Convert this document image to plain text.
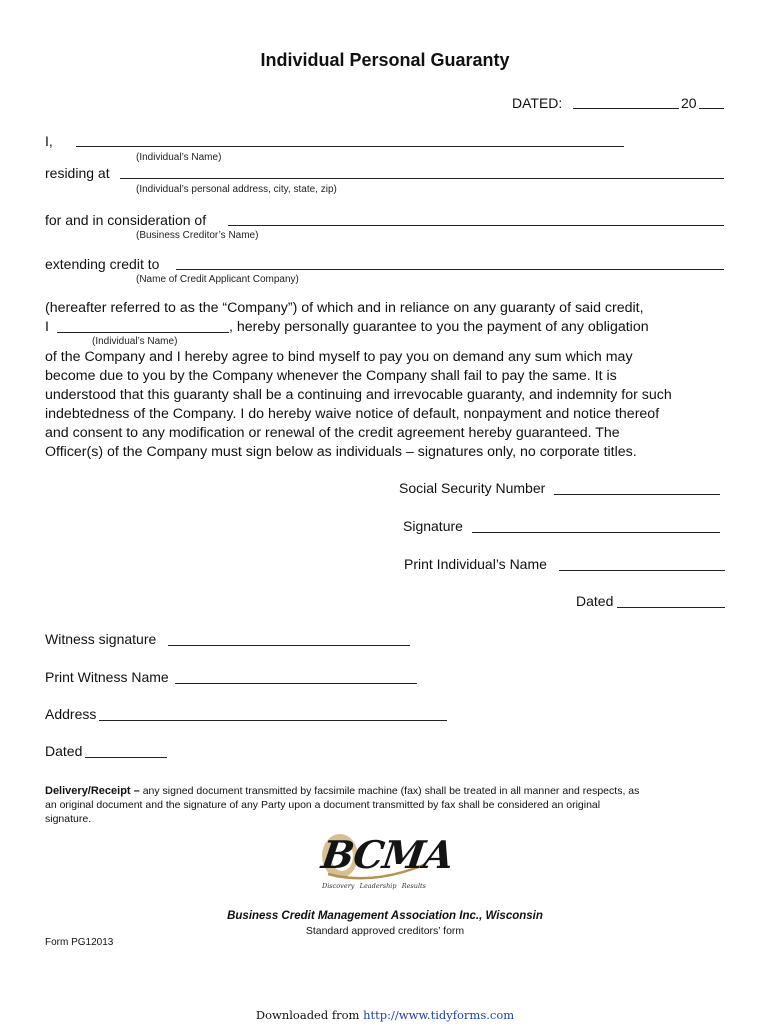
Individual Personal Guaranty
DATED:	20
I,
(Individual’s Name)
residing at
(Individual’s personal address, city, state, zip)
for and in consideration of
(Business Creditor’s Name)
extending credit to
(Name of Credit Applicant Company)
(hereafter referred to as the “Company”) of which and in reliance on any guaranty of said credit,
I	, hereby personally guarantee to you the payment of any obligation
(Individual’s Name)
of the Company and I hereby agree to bind myself to pay you on demand any sum which may
become due to you by the Company whenever the Company shall fail to pay the same. It is
understood that this guaranty shall be a continuing and irrevocable guaranty, and indemnity for such
indebtedness of the Company. I do hereby waive notice of default, nonpayment and notice thereof
and consent to any modification or renewal of the credit agreement hereby guaranteed. The
Officer(s) of the Company must sign below as individuals – signatures only, no corporate titles.
Social Security Number
Signature
Print Individual’s Name
Dated
Witness signature
Print Witness Name
Address
Dated
Delivery/Receipt – any signed document transmitted by facsimile machine (fax) shall be treated in all manner and respects, as
an original document and the signature of any Party upon a document transmitted by fax shall be considered an original
signature.
BCMA
Discovery Leadership Results
Business Credit Management Association Inc., Wisconsin
Standard approved creditors’ form
Form PG12013
Downloaded from http://www.tidyforms.com
